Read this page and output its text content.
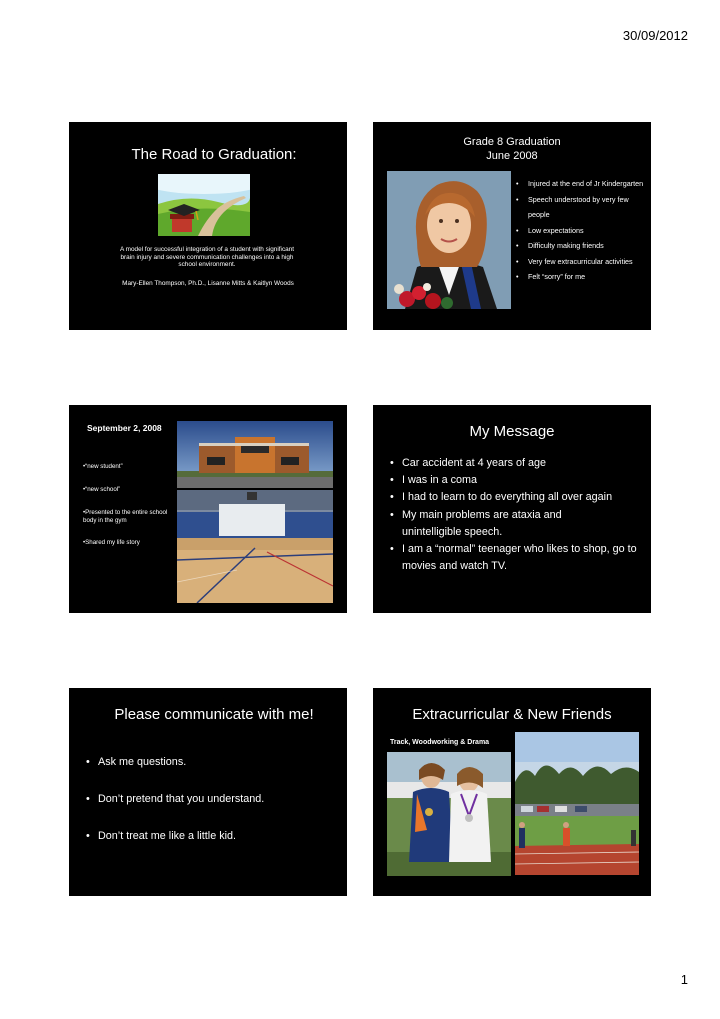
30/09/2012
The Road to Graduation:
A model for successful integration of a student with significant brain injury and severe communication challenges into a high school environment.
Mary-Ellen Thompson, Ph.D., Lisanne Mitts & Kaitlyn Woods
Grade 8 Graduation
June 2008
• Injured at the end of Jr Kindergarten
• Speech understood by very few people
• Low expectations
• Difficulty making friends
• Very few extracurricular activities
• Felt “sorry” for me
September 2, 2008
•“new student”
•“new school”
•Presented to the entire school body in the gym
•Shared my life story
My Message
• Car accident at 4 years of age
• I was in a coma
• I had to learn to do everything all over again
• My main problems are ataxia and unintelligible speech.
• I am a “normal” teenager who likes to shop, go to movies and watch TV.
Please communicate with me!
• Ask me questions.
• Don’t pretend that you understand.
• Don’t treat me like a little kid.
Extracurricular & New Friends
Track, Woodworking & Drama
1
